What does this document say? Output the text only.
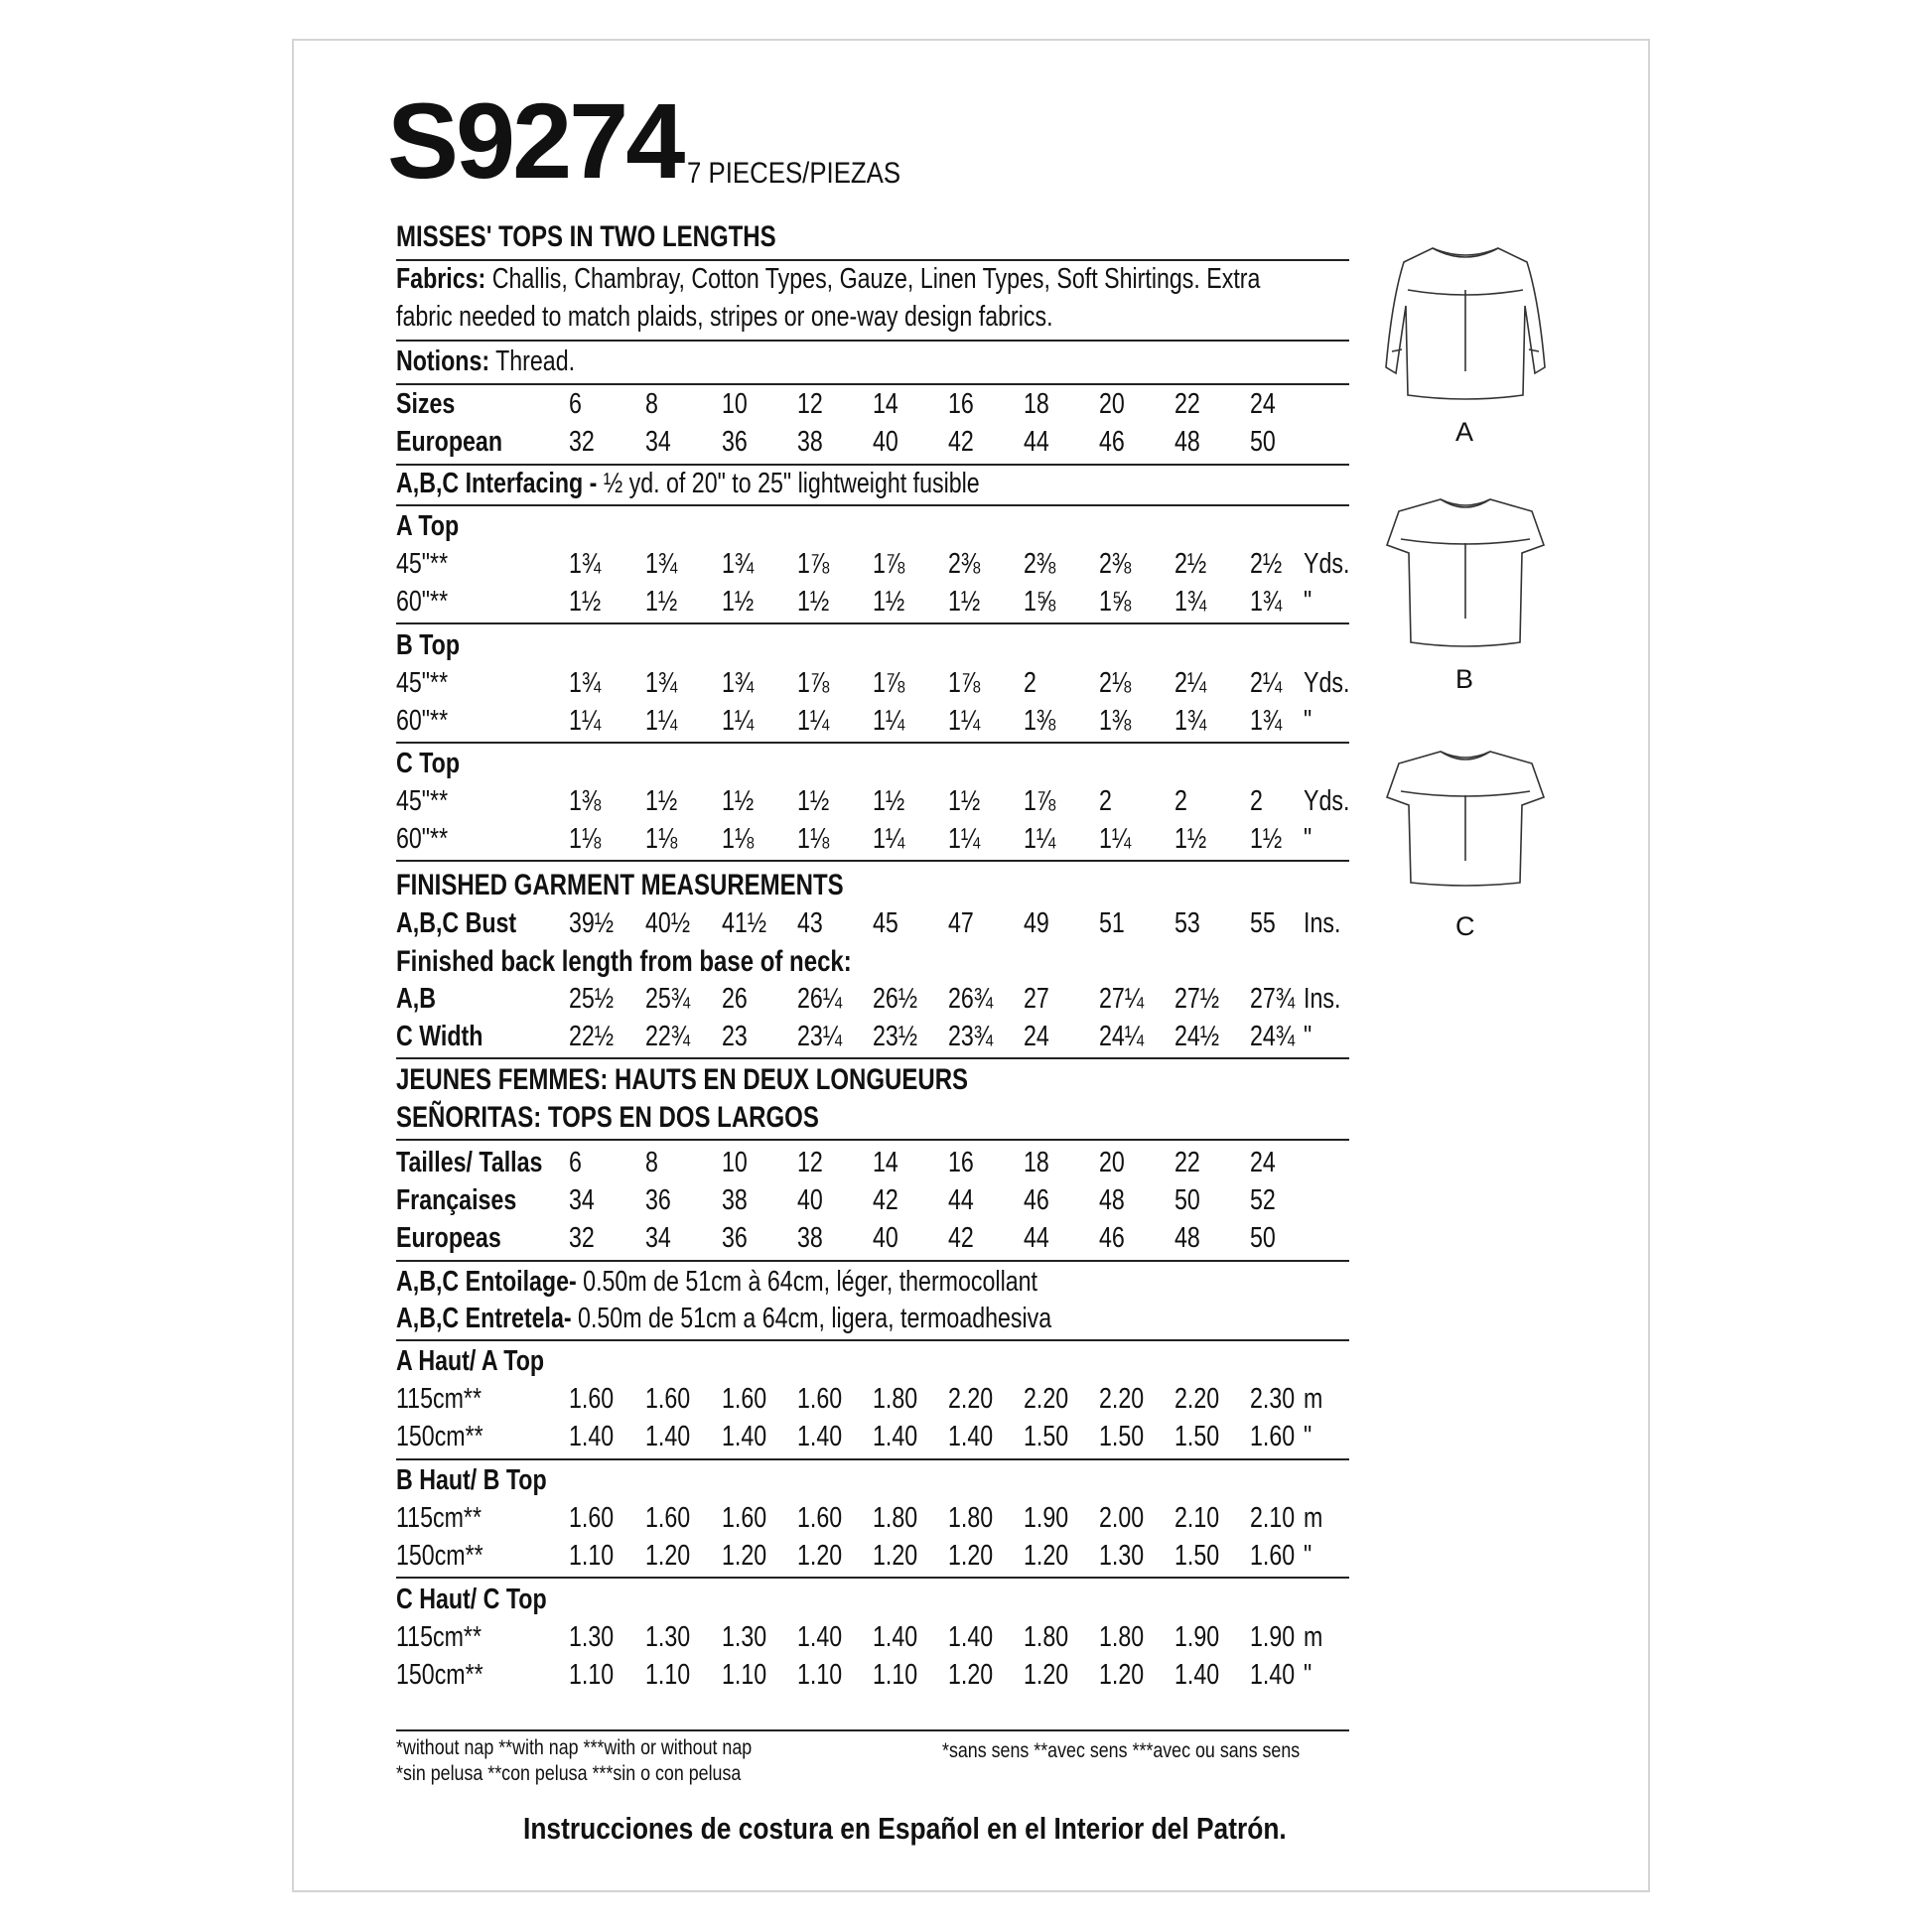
S9274 7 PIECES/PIEZAS
MISSES' TOPS IN TWO LENGTHS
Fabrics: Challis, Chambray, Cotton Types, Gauze, Linen Types, Soft Shirtings. Extra
fabric needed to match plaids, stripes or one-way design fabrics.
Notions: Thread.
Sizes	6 8 10 12 14 16 18 20 22 24
European 32 34 36 38 40 42 44 46 48 50
A,B,C Interfacing - ½ yd. of 20" to 25" lightweight fusible
A Top
45"**	1¾ 1¾ 1¾ 1⅞ 1⅞ 2⅜ 2⅜ 2⅜ 2½ 2½ Yds.
60"**	1½ 1½ 1½ 1½ 1½ 1½ 1⅝ 1⅝ 1¾ 1¾ "
B Top
45"**	1¾ 1¾ 1¾ 1⅞ 1⅞ 1⅞ 2 2⅛ 2¼ 2¼ Yds.
60"**	1¼ 1¼ 1¼ 1¼ 1¼ 1¼ 1⅜ 1⅜ 1¾ 1¾ "
C Top
45"**	1⅜ 1½ 1½ 1½ 1½ 1½ 1⅞ 2 2 2 Yds.
60"**	1⅛ 1⅛ 1⅛ 1⅛ 1¼ 1¼ 1¼ 1¼ 1½ 1½ "
FINISHED GARMENT MEASUREMENTS
A,B,C Bust 39½ 40½ 41½ 43 45 47 49 51 53 55 Ins.
A,B	25½ 25¾ 26 26¼ 26½ 26¾ 27 27¼ 27½ 27¾ Ins.
C Width	22½ 22¾ 23 23¼ 23½ 23¾ 24 24¼ 24½ 24¾ "
Finished back length from base of neck:
JEUNES FEMMES: HAUTS EN DEUX LONGUEURS
SEÑORITAS: TOPS EN DOS LARGOS
Tailles/ Tallas 6 8 10 12 14 16 18 20 22 24
Françaises 34 36 38 40 42 44 46 48 50 52
Europeas 32 34 36 38 40 42 44 46 48 50
A,B,C Entoilage- 0.50m de 51cm à 64cm, léger, thermocollant
A,B,C Entretela- 0.50m de 51cm a 64cm, ligera, termoadhesiva
A Haut/ A Top
115cm**	1.60 1.60 1.60 1.60 1.80 2.20 2.20 2.20 2.20 2.30 m
150cm**	1.40 1.40 1.40 1.40 1.40 1.40 1.50 1.50 1.50 1.60 "
B Haut/ B Top
115cm**	1.60 1.60 1.60 1.60 1.80 1.80 1.90 2.00 2.10 2.10 m
150cm**	1.10 1.20 1.20 1.20 1.20 1.20 1.20 1.30 1.50 1.60 "
C Haut/ C Top
115cm**	1.30 1.30 1.30 1.40 1.40 1.40 1.80 1.80 1.90 1.90 m
150cm**	1.10 1.10 1.10 1.10 1.10 1.20 1.20 1.20 1.40 1.40 "
*without nap **with nap ***with or without nap
*sin pelusa **con pelusa ***sin o con pelusa
*sans sens **avec sens ***avec ou sans sens
Instrucciones de costura en Español en el Interior del Patrón.
A
B
C
